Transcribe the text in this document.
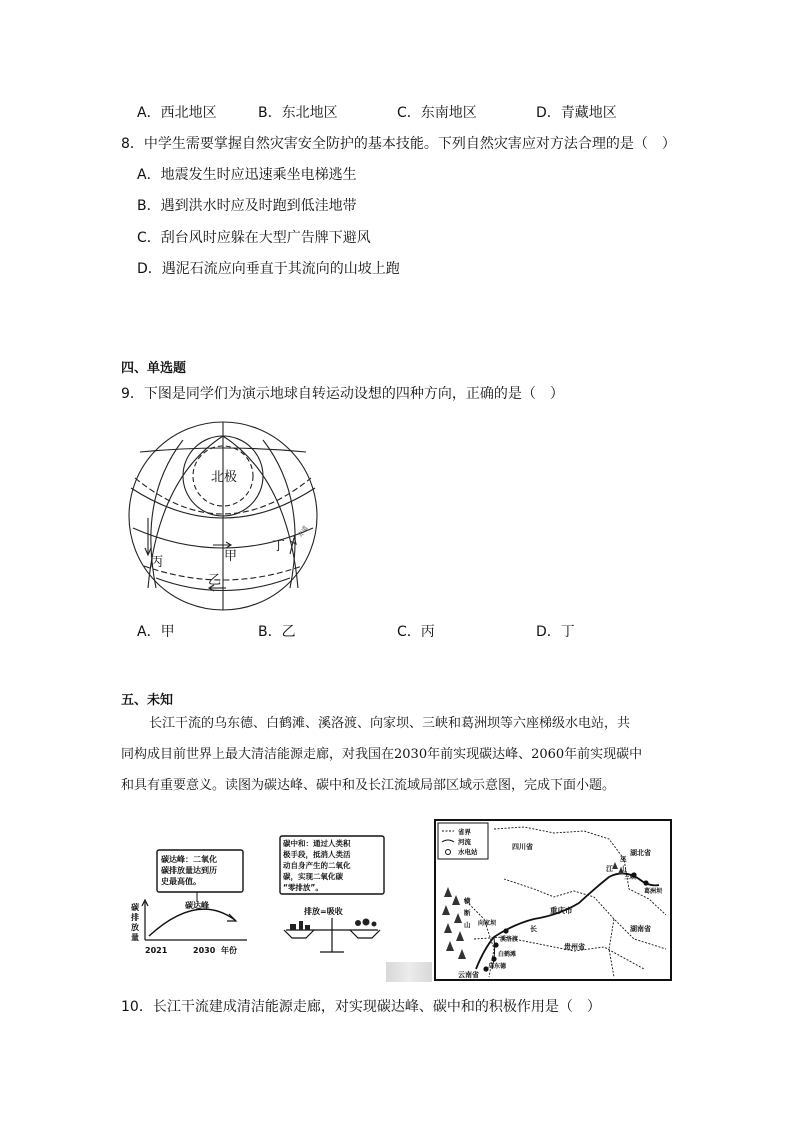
A．西北地区	B．东北地区	C．东南地区	D．青藏地区
8．中学生需要掌握自然灾害安全防护的基本技能。下列自然灾害应对方法合理的是（　）
A．地震发生时应迅速乘坐电梯逃生
B．遇到洪水时应及时跑到低洼地带
C．刮台风时应躲在大型广告牌下避风
D．遇泥石流应向垂直于其流向的山坡上跑
四、单选题
9．下图是同学们为演示地球自转运动设想的四种方向，正确的是（　）
北极
甲
乙
丙
丁
赤道
A．甲	B．乙	C．丙	D．丁
五、未知

长江干流的乌东德、白鹤滩、溪洛渡、向家坝、三峡和葛洲坝等六座梯级水电站，共

同构成目前世界上最大清洁能源走廊，对我国在2030年前实现碳达峰、2060年前实现碳中

和具有重要意义。读图为碳达峰、碳中和及长江流域局部区域示意图，完成下面小题。

碳达峰：二氧化 碳排放量达到历 史最高值。
碳达峰
碳 排 放 量
2021	2030 年份
碳中和：通过人类积 极手段，抵消人类活 动自身产生的二氧化 碳，实现二氧化碳 “零排放”。
排放=吸收
省界
河流
水电站
四川省
湖北省
湖南省
贵州省
云南省
重庆市
向家坝
溪洛渡
白鹤滩
乌东德
三峡
葛洲坝
横 断 山
巫 山
长
江
10．长江干流建成清洁能源走廊，对实现碳达峰、碳中和的积极作用是（　）
